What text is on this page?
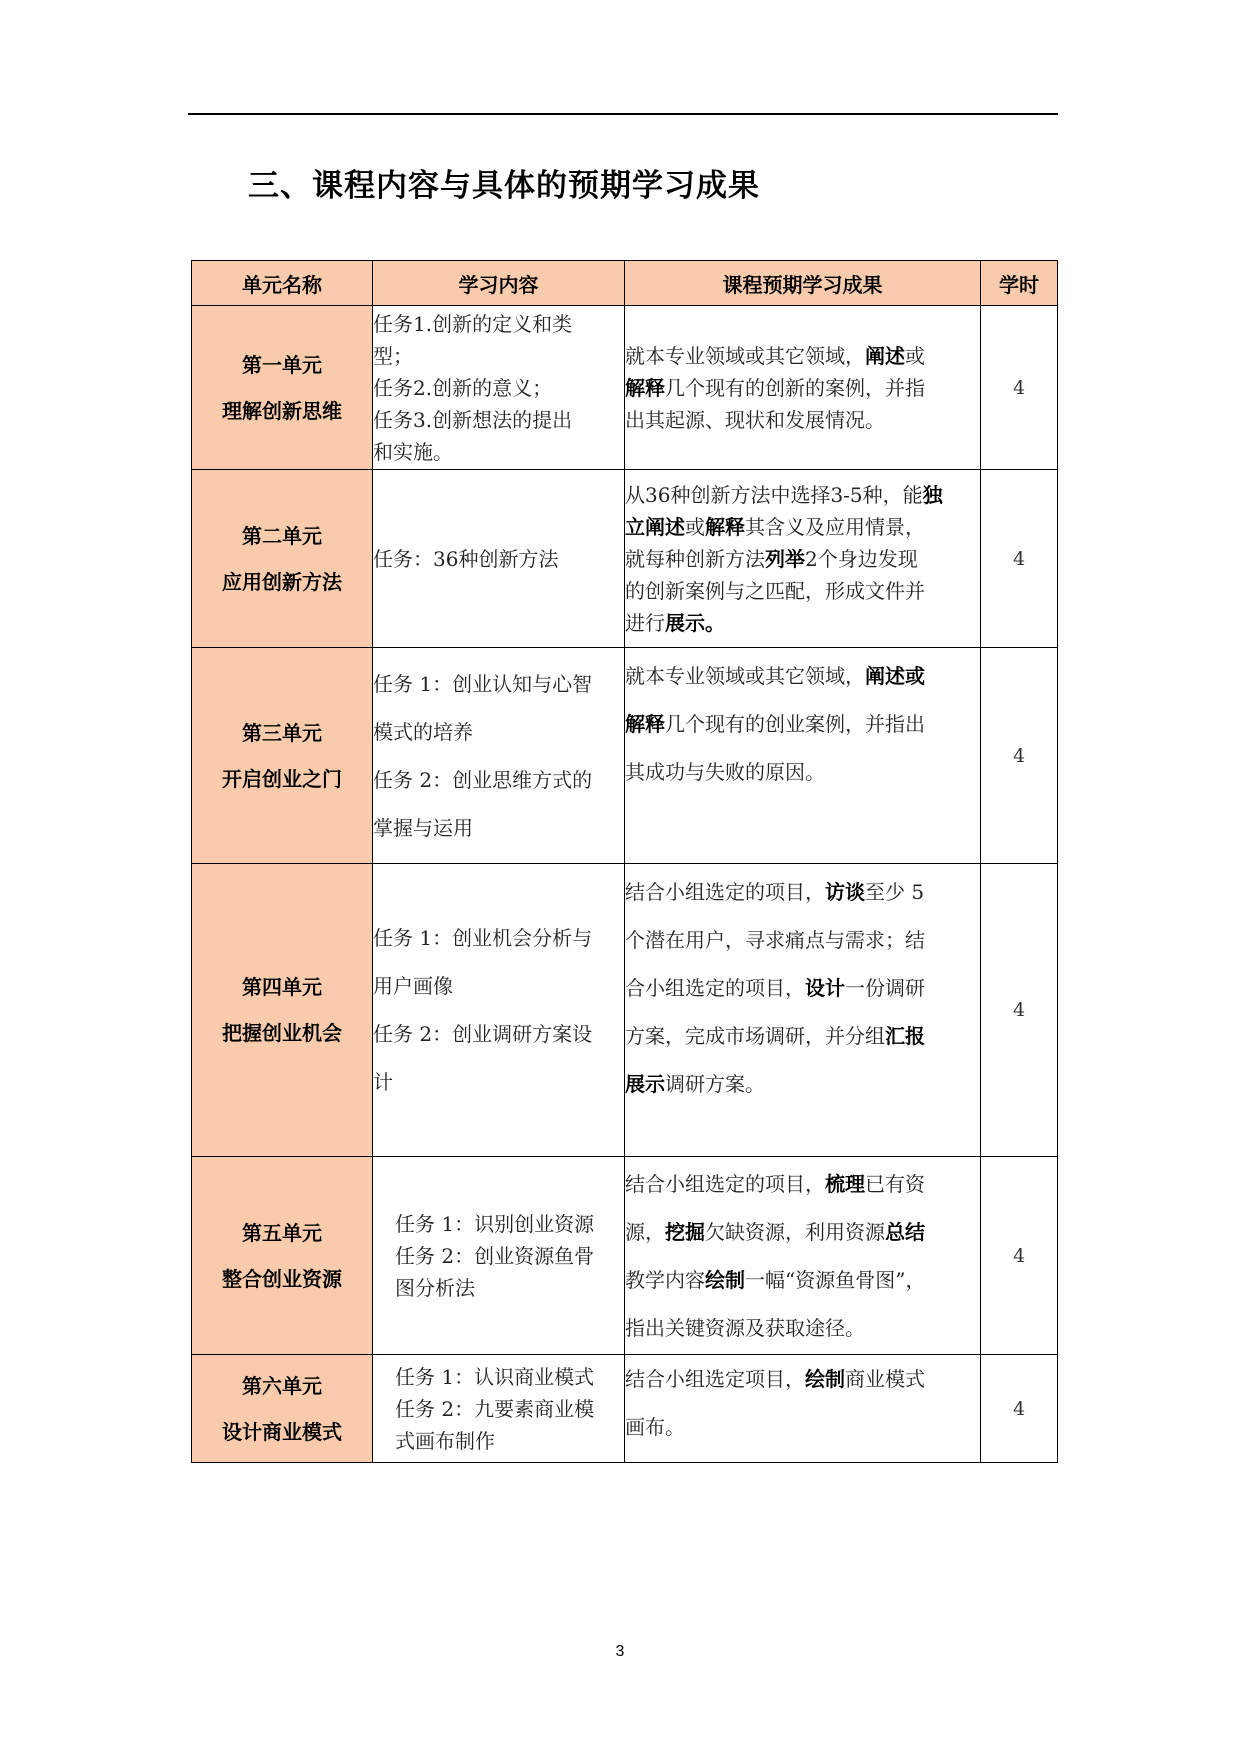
三、课程内容与具体的预期学习成果
单元名称	学习内容	课程预期学习成果	学时

第一单元
理解创新思维	任务1.创新的定义和类
型；
任务2.创新的意义；
任务3.创新想法的提出
和实施。	就本专业领域或其它领域，阐述或
解释几个现有的创新的案例，并指
出其起源、现状和发展情况。	4

第二单元
应用创新方法	任务：36种创新方法	从36种创新方法中选择3-5种，能独
立阐述或解释其含义及应用情景，
就每种创新方法列举2个身边发现
的创新案例与之匹配，形成文件并
进行展示。	4

第三单元
开启创业之门	任务 1：创业认知与心智
模式的培养
任务 2：创业思维方式的
掌握与运用	就本专业领域或其它领域，阐述或
解释几个现有的创业案例，并指出
其成功与失败的原因。	4

第四单元
把握创业机会	任务 1：创业机会分析与
用户画像
任务 2：创业调研方案设
计	结合小组选定的项目，访谈至少 5
个潜在用户，寻求痛点与需求；结
合小组选定的项目，设计一份调研
方案，完成市场调研，并分组汇报
展示调研方案。	4

第五单元
整合创业资源	任务 1：识别创业资源
任务 2：创业资源鱼骨
图分析法	结合小组选定的项目，梳理已有资
源，挖掘欠缺资源，利用资源总结
教学内容绘制一幅“资源鱼骨图”，
指出关键资源及获取途径。	4

第六单元
设计商业模式	任务 1：认识商业模式
任务 2：九要素商业模
式画布制作	结合小组选定项目，绘制商业模式
画布。	4
3
